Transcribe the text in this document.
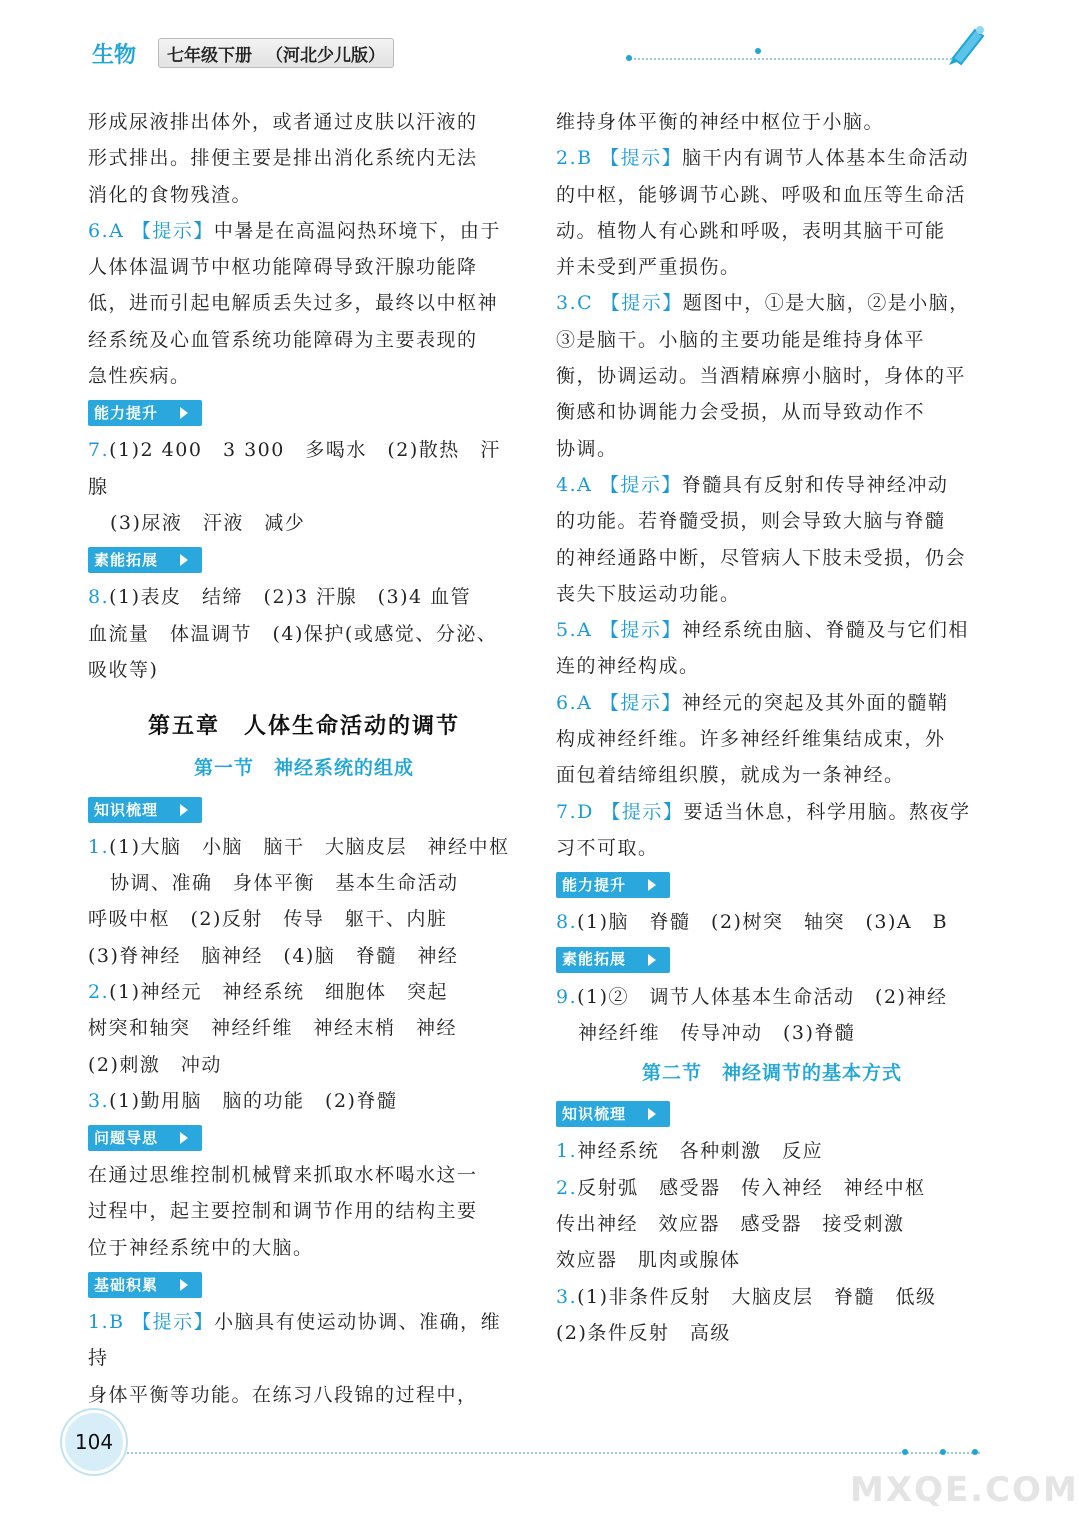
生物 七年级下册 （河北少儿版）

形成尿液排出体外，或者通过皮肤以汗液的

形式排出。排便主要是排出消化系统内无法

消化的食物残渣。

6.A 【提示】中暑是在高温闷热环境下，由于

人体体温调节中枢功能障碍导致汗腺功能降

低，进而引起电解质丢失过多，最终以中枢神

经系统及心血管系统功能障碍为主要表现的

急性疾病。

能力提升

7.(1)2 400　3 300　多喝水　(2)散热　汗腺

(3)尿液　汗液　减少

素能拓展

8.(1)表皮　结缔　(2)3 汗腺　(3)4 血管

血流量　体温调节　(4)保护(或感觉、分泌、

吸收等)

第五章　人体生命活动的调节
第一节　神经系统的组成
知识梳理

1.(1)大脑　小脑　脑干　大脑皮层　神经中枢

协调、准确　身体平衡　基本生命活动

呼吸中枢　(2)反射　传导　躯干、内脏

(3)脊神经　脑神经　(4)脑　脊髓　神经

2.(1)神经元　神经系统　细胞体　突起

树突和轴突　神经纤维　神经末梢　神经

(2)刺激　冲动

3.(1)勤用脑　脑的功能　(2)脊髓

问题导思

在通过思维控制机械臂来抓取水杯喝水这一

过程中，起主要控制和调节作用的结构主要

位于神经系统中的大脑。

基础积累

1.B 【提示】小脑具有使运动协调、准确，维持

身体平衡等功能。在练习八段锦的过程中，

维持身体平衡的神经中枢位于小脑。

2.B 【提示】脑干内有调节人体基本生命活动

的中枢，能够调节心跳、呼吸和血压等生命活

动。植物人有心跳和呼吸，表明其脑干可能

并未受到严重损伤。

3.C 【提示】题图中，①是大脑，②是小脑，

③是脑干。小脑的主要功能是维持身体平

衡，协调运动。当酒精麻痹小脑时，身体的平

衡感和协调能力会受损，从而导致动作不

协调。

4.A 【提示】脊髓具有反射和传导神经冲动

的功能。若脊髓受损，则会导致大脑与脊髓

的神经通路中断，尽管病人下肢未受损，仍会

丧失下肢运动功能。

5.A 【提示】神经系统由脑、脊髓及与它们相

连的神经构成。

6.A 【提示】神经元的突起及其外面的髓鞘

构成神经纤维。许多神经纤维集结成束，外

面包着结缔组织膜，就成为一条神经。

7.D 【提示】要适当休息，科学用脑。熬夜学

习不可取。

能力提升

8.(1)脑　脊髓　(2)树突　轴突　(3)A　B

素能拓展

9.(1)②　调节人体基本生命活动　(2)神经

神经纤维　传导冲动　(3)脊髓

第二节　神经调节的基本方式
知识梳理

1.神经系统　各种刺激　反应

2.反射弧　感受器　传入神经　神经中枢

传出神经　效应器　感受器　接受刺激

效应器　肌肉或腺体

3.(1)非条件反射　大脑皮层　脊髓　低级

(2)条件反射　高级

104
MXQE.COM
